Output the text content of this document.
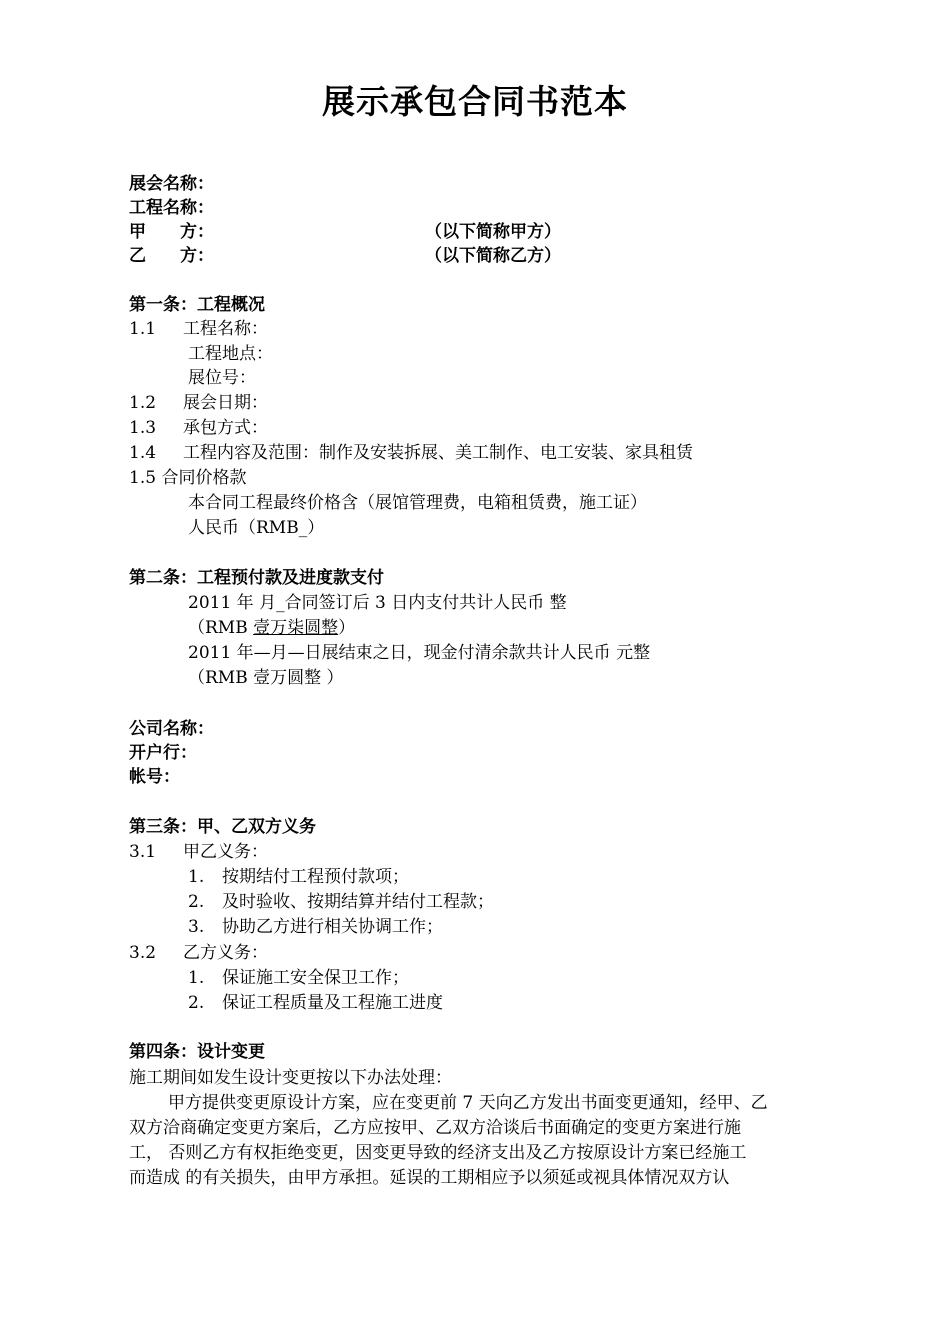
展示承包合同书范本
展会名称：
工程名称：
甲　　方：	（以下简称甲方）
乙　　方：	（以下简称乙方）
第一条：工程概况
1.1 工程名称：
工程地点：
展位号：
1.2 展会日期：
1.3 承包方式：
1.4 工程内容及范围：制作及安装拆展、美工制作、电工安装、家具租赁
1.5 合同价格款
本合同工程最终价格含（展馆管理费，电箱租赁费，施工证）
人民币（RMB_）
第二条：工程预付款及进度款支付
2011 年 月_合同签订后 3 日内支付共计人民币 整
（RMB 壹万柒圆整）
2011 年—月—日展结束之日，现金付清余款共计人民币 元整
（RMB 壹万圆整 ）
公司名称：
开户行：
帐号：
第三条：甲、乙双方义务
3.1 甲乙义务：
1. 按期结付工程预付款项；
2. 及时验收、按期结算并结付工程款；
3. 协助乙方进行相关协调工作；
3.2 乙方义务：
1. 保证施工安全保卫工作；
2. 保证工程质量及工程施工进度
第四条：设计变更
施工期间如发生设计变更按以下办法处理：
甲方提供变更原设计方案，应在变更前 7 天向乙方发出书面变更通知，经甲、乙
双方洽商确定变更方案后，乙方应按甲、乙双方洽谈后书面确定的变更方案进行施
工， 否则乙方有权拒绝变更，因变更导致的经济支出及乙方按原设计方案已经施工
而造成 的有关损失，由甲方承担。延误的工期相应予以须延或视具体情况双方认
